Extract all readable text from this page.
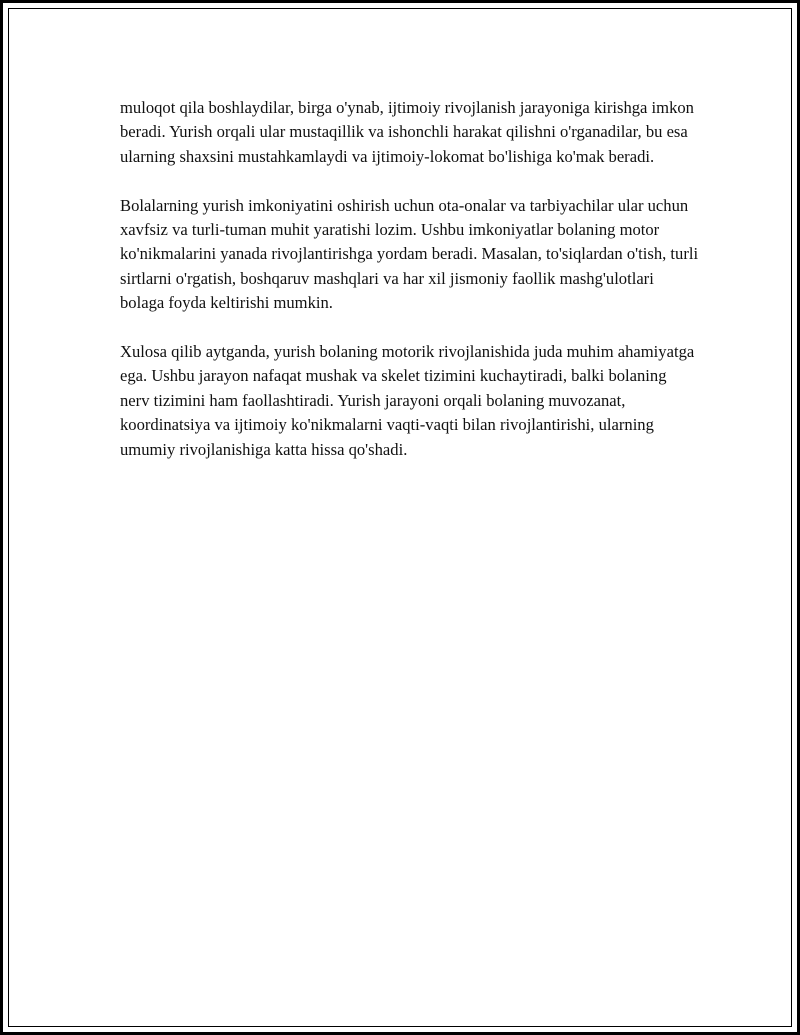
muloqot qila boshlaydilar, birga o'ynab, ijtimoiy rivojlanish jarayoniga kirishga imkon beradi. Yurish orqali ular mustaqillik va ishonchli harakat qilishni o'rganadilar, bu esa ularning shaxsini mustahkamlaydi va ijtimoiy-lokomat bo'lishiga ko'mak beradi.

Bolalarning yurish imkoniyatini oshirish uchun ota-onalar va tarbiyachilar ular uchun xavfsiz va turli-tuman muhit yaratishi lozim. Ushbu imkoniyatlar bolaning motor ko'nikmalarini yanada rivojlantirishga yordam beradi. Masalan, to'siqlardan o'tish, turli sirtlarni o'rgatish, boshqaruv mashqlari va har xil jismoniy faollik mashg'ulotlari bolaga foyda keltirishi mumkin.

Xulosa qilib aytganda, yurish bolaning motorik rivojlanishida juda muhim ahamiyatga ega. Ushbu jarayon nafaqat mushak va skelet tizimini kuchaytiradi, balki bolaning nerv tizimini ham faollashtiradi. Yurish jarayoni orqali bolaning muvozanat, koordinatsiya va ijtimoiy ko'nikmalarni vaqti-vaqti bilan rivojlantirishi, ularning umumiy rivojlanishiga katta hissa qo'shadi.
